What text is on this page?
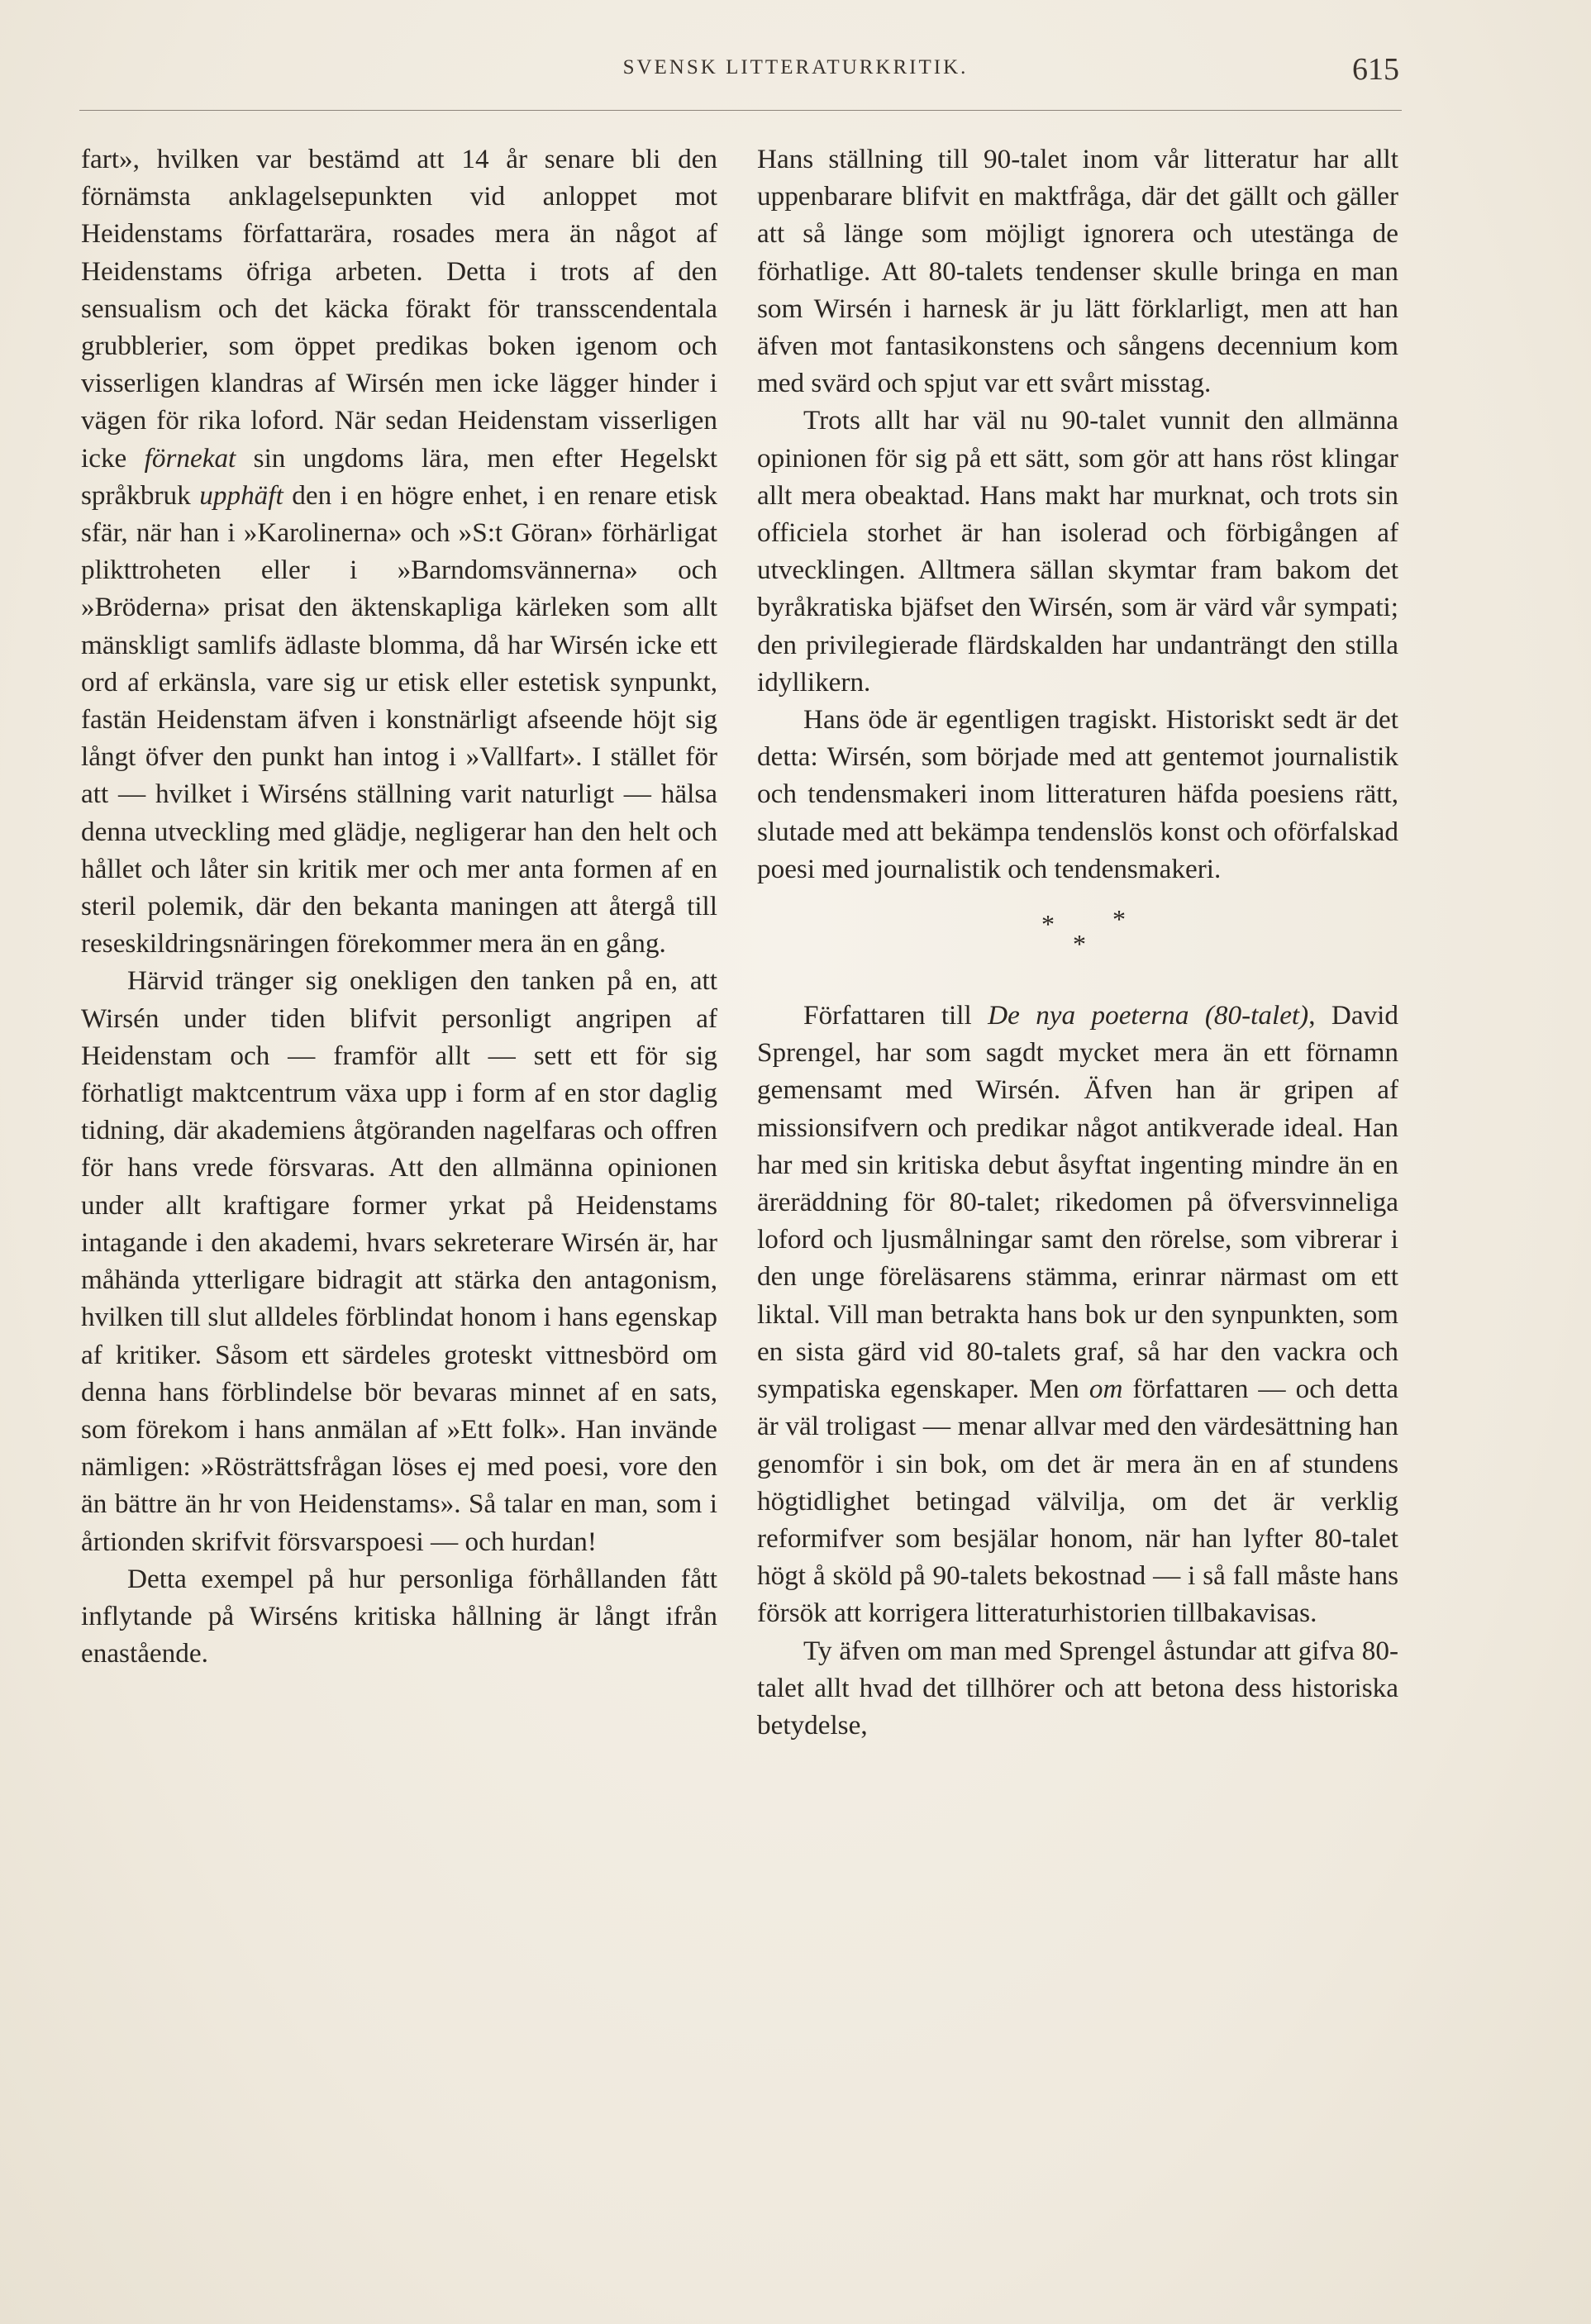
SVENSK LITTERATURKRITIK.	615

fart», hvilken var bestämd att 14 år senare bli den förnämsta anklagelsepunkten vid anloppet mot Heidenstams författarära, rosades mera än något af Heidenstams öfriga arbeten. Detta i trots af den sensualism och det käcka förakt för transscendentala grubblerier, som öppet predikas boken igenom och visserligen klandras af Wirsén men icke lägger hinder i vägen för rika loford. När sedan Heidenstam visserligen icke förnekat sin ungdoms lära, men efter Hegelskt språkbruk upphäft den i en högre enhet, i en renare etisk sfär, när han i »Karolinerna» och »S:t Göran» förhärligat plikttroheten eller i »Barndomsvännerna» och »Bröderna» prisat den äktenskapliga kärleken som allt mänskligt samlifs ädlaste blomma, då har Wirsén icke ett ord af erkänsla, vare sig ur etisk eller estetisk synpunkt, fastän Heidenstam äfven i konstnärligt afseende höjt sig långt öfver den punkt han intog i »Vallfart». I stället för att — hvilket i Wirséns ställning varit naturligt — hälsa denna utveckling med glädje, negligerar han den helt och hållet och låter sin kritik mer och mer anta formen af en steril polemik, där den bekanta maningen att återgå till reseskildringsnäringen förekommer mera än en gång.

Härvid tränger sig onekligen den tanken på en, att Wirsén under tiden blifvit personligt angripen af Heidenstam och — framför allt — sett ett för sig förhatligt maktcentrum växa upp i form af en stor daglig tidning, där akademiens åtgöranden nagelfaras och offren för hans vrede försvaras. Att den allmänna opinionen under allt kraftigare former yrkat på Heidenstams intagande i den akademi, hvars sekreterare Wirsén är, har måhända ytterligare bidragit att stärka den antagonism, hvilken till slut alldeles förblindat honom i hans egenskap af kritiker. Såsom ett särdeles groteskt vittnesbörd om denna hans förblindelse bör bevaras minnet af en sats, som förekom i hans anmälan af »Ett folk». Han invände nämligen: »Rösträttsfrågan löses ej med poesi, vore den än bättre än hr von Heidenstams». Så talar en man, som i årtionden skrifvit försvarspoesi — och hurdan!

Detta exempel på hur personliga förhållanden fått inflytande på Wirséns kritiska hållning är långt ifrån enastående.

Hans ställning till 90-talet inom vår litteratur har allt uppenbarare blifvit en maktfråga, där det gällt och gäller att så länge som möjligt ignorera och utestänga de förhatlige. Att 80-talets tendenser skulle bringa en man som Wirsén i harnesk är ju lätt förklarligt, men att han äfven mot fantasikonstens och sångens decennium kom med svärd och spjut var ett svårt misstag.

Trots allt har väl nu 90-talet vunnit den allmänna opinionen för sig på ett sätt, som gör att hans röst klingar allt mera obeaktad. Hans makt har murknat, och trots sin officiela storhet är han isolerad och förbigången af utvecklingen. Alltmera sällan skymtar fram bakom det byråkratiska bjäfset den Wirsén, som är värd vår sympati; den privilegierade flärdskalden har undanträngt den stilla idyllikern.

Hans öde är egentligen tragiskt. Historiskt sedt är det detta: Wirsén, som började med att gentemot journalistik och tendensmakeri inom litteraturen häfda poesiens rätt, slutade med att bekämpa tendenslös konst och oförfalskad poesi med journalistik och tendensmakeri.

*
*
*

Författaren till De nya poeterna (80-talet), David Sprengel, har som sagdt mycket mera än ett förnamn gemensamt med Wirsén. Äfven han är gripen af missionsifvern och predikar något antikverade ideal. Han har med sin kritiska debut åsyftat ingenting mindre än en äreräddning för 80-talet; rikedomen på öfversvinneliga loford och ljusmålningar samt den rörelse, som vibrerar i den unge föreläsarens stämma, erinrar närmast om ett liktal. Vill man betrakta hans bok ur den synpunkten, som en sista gärd vid 80-talets graf, så har den vackra och sympatiska egenskaper. Men om författaren — och detta är väl troligast — menar allvar med den värdesättning han genomför i sin bok, om det är mera än en af stundens högtidlighet betingad välvilja, om det är verklig reformifver som besjälar honom, när han lyfter 80-talet högt å sköld på 90-talets bekostnad — i så fall måste hans försök att korrigera litteraturhistorien tillbakavisas.

Ty äfven om man med Sprengel åstundar att gifva 80-talet allt hvad det tillhörer och att betona dess historiska betydelse,
